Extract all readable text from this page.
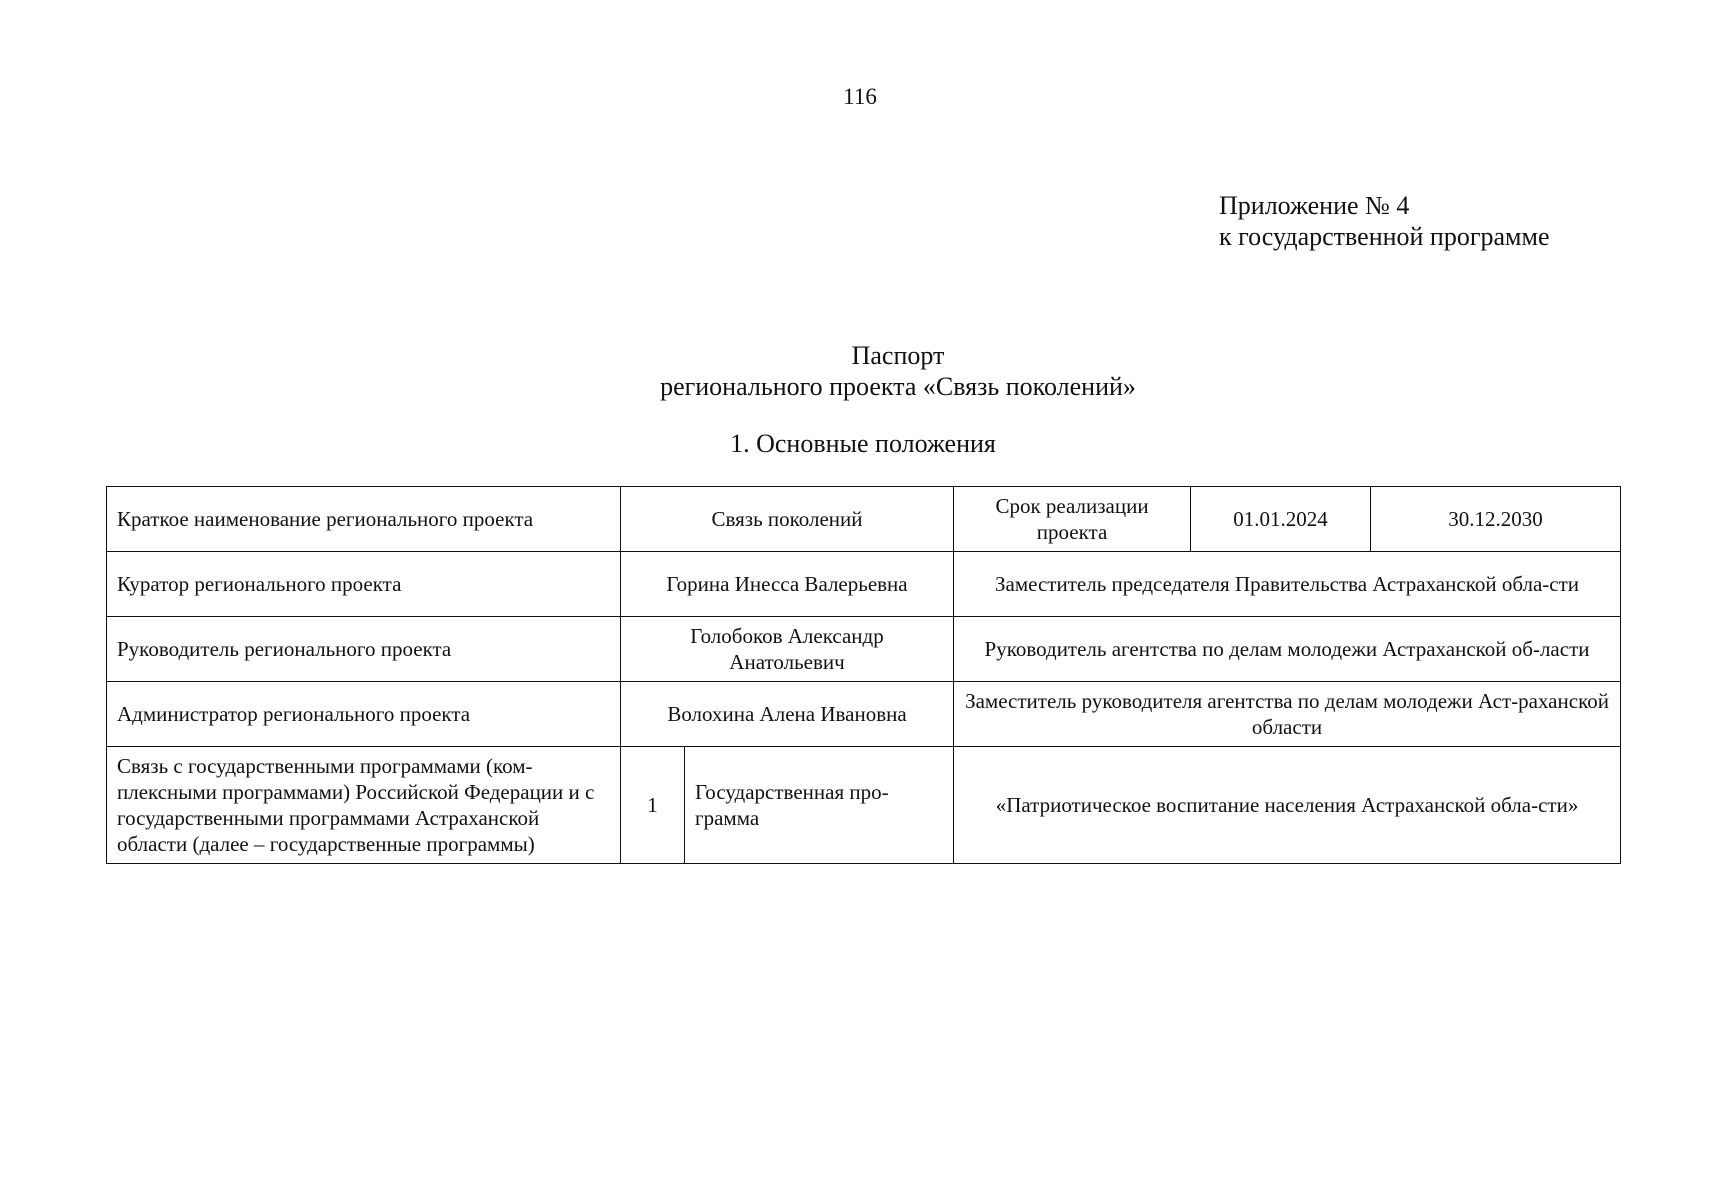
116
Приложение № 4
к государственной программе
Паспорт
регионального проекта «Связь поколений»
1. Основные положения
Краткое наименование регионального проекта	Связь поколений		Срок реализации проекта	01.01.2024	30.12.2030
Куратор регионального проекта	Горина Инесса Валерьевна		Заместитель председателя Правительства Астраханской обла-сти		
Руководитель регионального проекта	Голобоков Александр Анатольевич		Руководитель агентства по делам молодежи Астраханской об-ласти		
Администратор регионального проекта	Волохина Алена Ивановна		Заместитель руководителя агентства по делам молодежи Аст-раханской области		
Связь с государственными программами (ком-плексными программами) Российской Федерации и с государственными программами Астраханской области (далее – государственные программы)	1	Государственная про-грамма	«Патриотическое воспитание населения Астраханской обла-сти»		
